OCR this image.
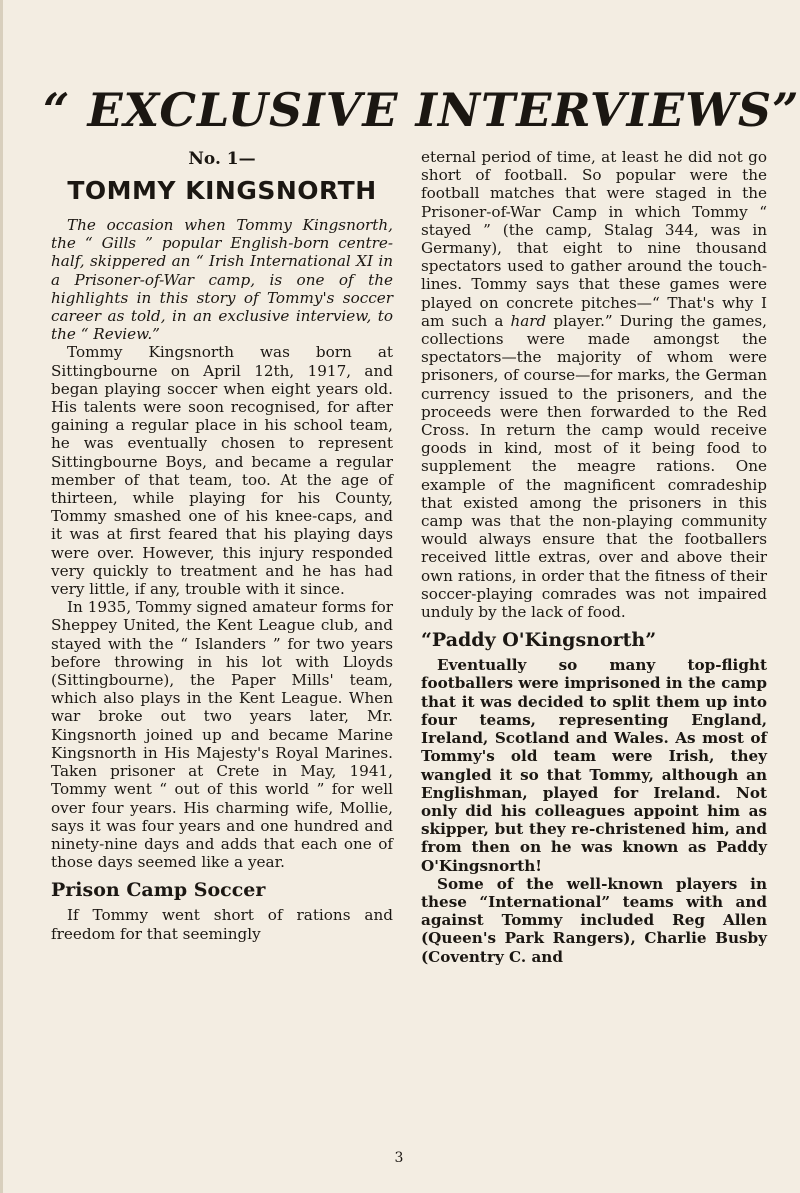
“ EXCLUSIVE INTERVIEWS”
No. 1—
TOMMY KINGSNORTH

The occasion when Tommy Kingsnorth, the “ Gills ” popular English-born centre-half, skippered an “ Irish International XI in a Prisoner-of-War camp, is one of the highlights in this story of Tommy's soccer career as told, in an exclusive interview, to the “ Review.”

Tommy Kingsnorth was born at Sittingbourne on April 12th, 1917, and began playing soccer when eight years old. His talents were soon recognised, for after gaining a regular place in his school team, he was eventually chosen to represent Sittingbourne Boys, and became a regular member of that team, too. At the age of thirteen, while playing for his County, Tommy smashed one of his knee-caps, and it was at first feared that his playing days were over. However, this injury responded very quickly to treatment and he has had very little, if any, trouble with it since.

In 1935, Tommy signed amateur forms for Sheppey United, the Kent League club, and stayed with the “ Islanders ” for two years before throwing in his lot with Lloyds (Sittingbourne), the Paper Mills' team, which also plays in the Kent League. When war broke out two years later, Mr. Kingsnorth joined up and became Marine Kingsnorth in His Majesty's Royal Marines. Taken prisoner at Crete in May, 1941, Tommy went “ out of this world ” for well over four years. His charming wife, Mollie, says it was four years and one hundred and ninety-nine days and adds that each one of those days seemed like a year.

Prison Camp Soccer

If Tommy went short of rations and freedom for that seemingly

eternal period of time, at least he did not go short of football. So popular were the football matches that were staged in the Prisoner-of-War Camp in which Tommy “ stayed ” (the camp, Stalag 344, was in Germany), that eight to nine thousand spectators used to gather around the touch-lines. Tommy says that these games were played on concrete pitches—“ That's why I am such a hard player.” During the games, collections were made amongst the spectators—the majority of whom were prisoners, of course—for marks, the German currency issued to the prisoners, and the proceeds were then forwarded to the Red Cross. In return the camp would receive goods in kind, most of it being food to supplement the meagre rations. One example of the magnificent comradeship that existed among the prisoners in this camp was that the non-playing community would always ensure that the footballers received little extras, over and above their own rations, in order that the fitness of their soccer-playing comrades was not impaired unduly by the lack of food.

“Paddy O'Kingsnorth”

Eventually so many top-flight footballers were imprisoned in the camp that it was decided to split them up into four teams, representing England, Ireland, Scotland and Wales. As most of Tommy's old team were Irish, they wangled it so that Tommy, although an Englishman, played for Ireland. Not only did his colleagues appoint him as skipper, but they re-christened him, and from then on he was known as Paddy O'Kingsnorth!

Some of the well-known players in these “International” teams with and against Tommy included Reg Allen (Queen's Park Rangers), Charlie Busby (Coventry C. and

3
